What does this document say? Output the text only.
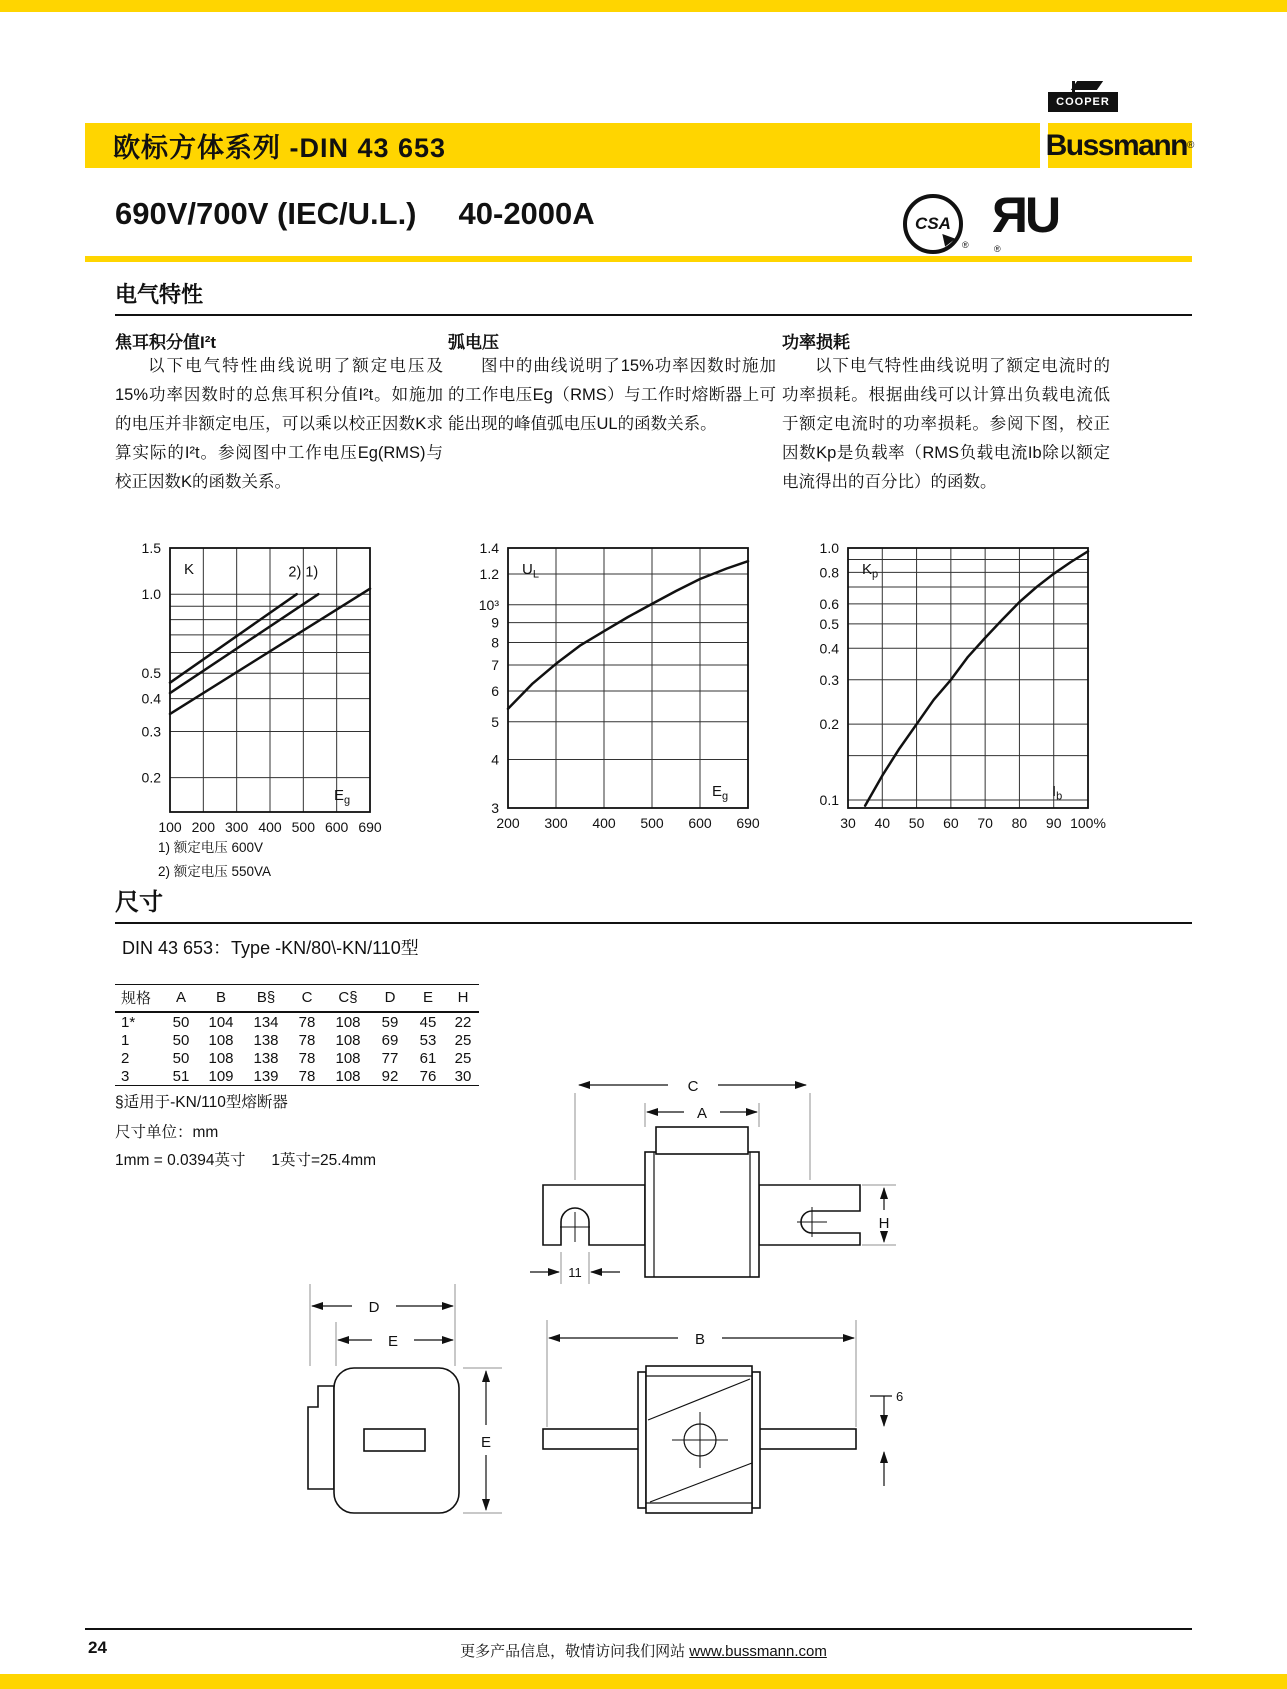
COOPER
欧标方体系列 -DIN 43 653	Bussmann ®
690V/700V (IEC/U.L.) 40-2000A	CSA
®
ЯU
®
电气特性
焦耳积分值I²t
以下电气特性曲线说明了额定电压及15%功率因数时的总焦耳积分值I²t。如施加的电压并非额定电压，可以乘以校正因数K求算实际的I²t。参阅图中工作电压Eg(RMS)与校正因数K的函数关系。
弧电压
图中的曲线说明了15%功率因数时施加的工作电压Eg（RMS）与工作时熔断器上可能出现的峰值弧电压UL的函数关系。
功率损耗
以下电气特性曲线说明了额定电流时的功率损耗。根据曲线可以计算出负载电流低于额定电流时的功率损耗。参阅下图，校正因数Kp是负载率（RMS负载电流Ib除以额定电流得出的百分比）的函数。
1.5
1.0
0.5
0.4
0.3
0.2
100 200 300 400 500 600 690
2) 1)
K
$E_g$
1.4
1.2
10³
9
8
7
6
5
4
3
200 300 400 500 600 690
$U_L$
$E_g$
1.0
0.8
0.6
0.5
0.4
0.3
0.2
0.1
30 40 50 60 70 80 90 100%
$K_p$
$I_b$
1) 额定电压 600V
2) 额定电压 550VA
尺寸
DIN 43 653：Type -KN/80\-KN/110型
规格	A	B	B§	C	C§	D	E	H
1*	50	104	134	78	108	59	45	22
1	50	108	138	78	108	69	53	25
2	50	108	138	78	108	77	61	25
3	51	109	139	78	108	92	76	30
§适用于-KN/110型熔断器
尺寸单位：mm
1mm = 0.0394英寸      1英寸=25.4mm
C
A
H
11
D
E
E
B
6
24	更多产品信息，敬情访问我们网站 www.bussmann.com
